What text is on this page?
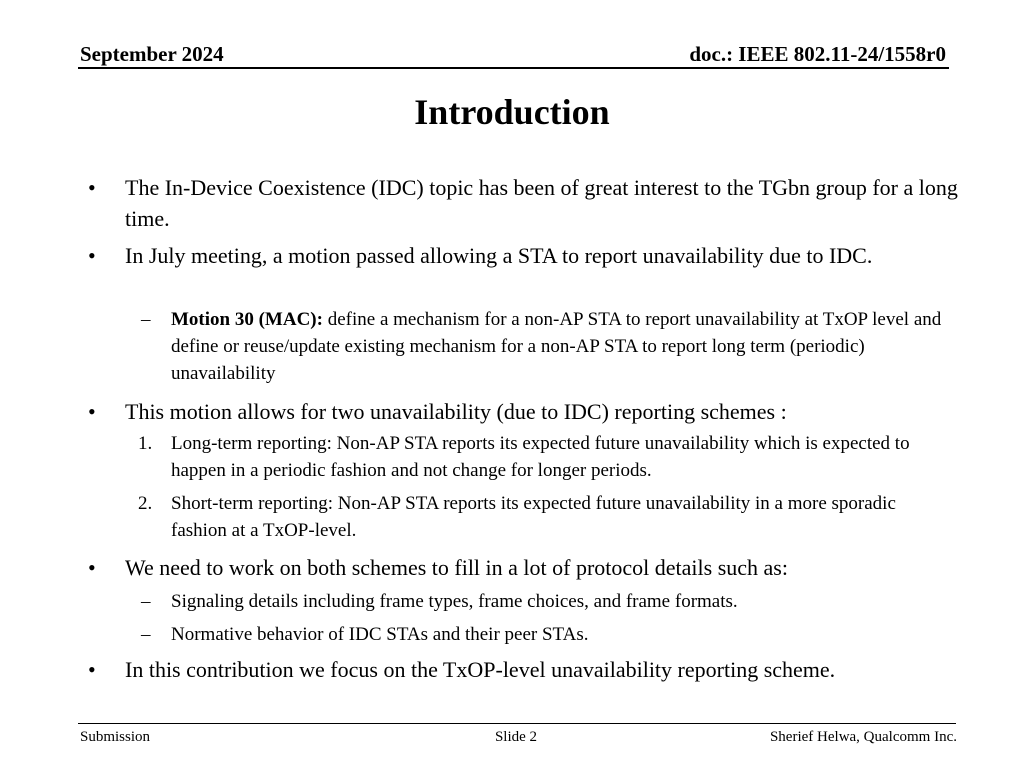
September 2024	doc.: IEEE 802.11-24/1558r0
Introduction
• The In-Device Coexistence (IDC) topic has been of great interest to the TGbn group for a long time.
• In July meeting, a motion passed allowing a STA to report unavailability due to IDC.
– Motion 30 (MAC): define a mechanism for a non-AP STA to report unavailability at TxOP level and define or reuse/update existing mechanism for a non-AP STA to report long term (periodic) unavailability
• This motion allows for two unavailability (due to IDC) reporting schemes :
1. Long-term reporting: Non-AP STA reports its expected future unavailability which is expected to happen in a periodic fashion and not change for longer periods.
2. Short-term reporting: Non-AP STA reports its expected future unavailability in a more sporadic fashion at a TxOP-level.
• We need to work on both schemes to fill in a lot of protocol details such as:
– Signaling details including frame types, frame choices, and frame formats.
– Normative behavior of IDC STAs and their peer STAs.
• In this contribution we focus on the TxOP-level unavailability reporting scheme.
Submission	Slide 2	Sherief Helwa, Qualcomm Inc.
